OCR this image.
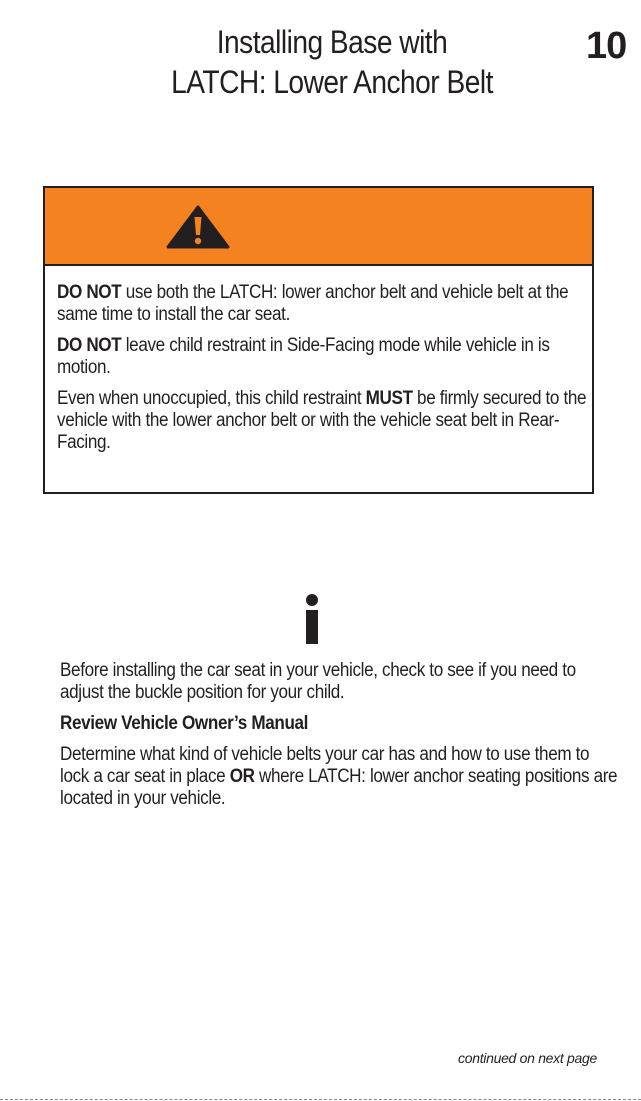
Installing Base with
LATCH: Lower Anchor Belt
10

DO NOT use both the LATCH: lower anchor belt and vehicle belt at the same time to install the car seat.

DO NOT leave child restraint in Side-Facing mode while vehicle in is motion.

Even when unoccupied, this child restraint MUST be firmly secured to the vehicle with the lower anchor belt or with the vehicle seat belt in Rear-Facing.

Before installing the car seat in your vehicle, check to see if you need to adjust the buckle position for your child.

Review Vehicle Owner’s Manual

Determine what kind of vehicle belts your car has and how to use them to lock a car seat in place OR where LATCH: lower anchor seating positions are located in your vehicle.

continued on next page
